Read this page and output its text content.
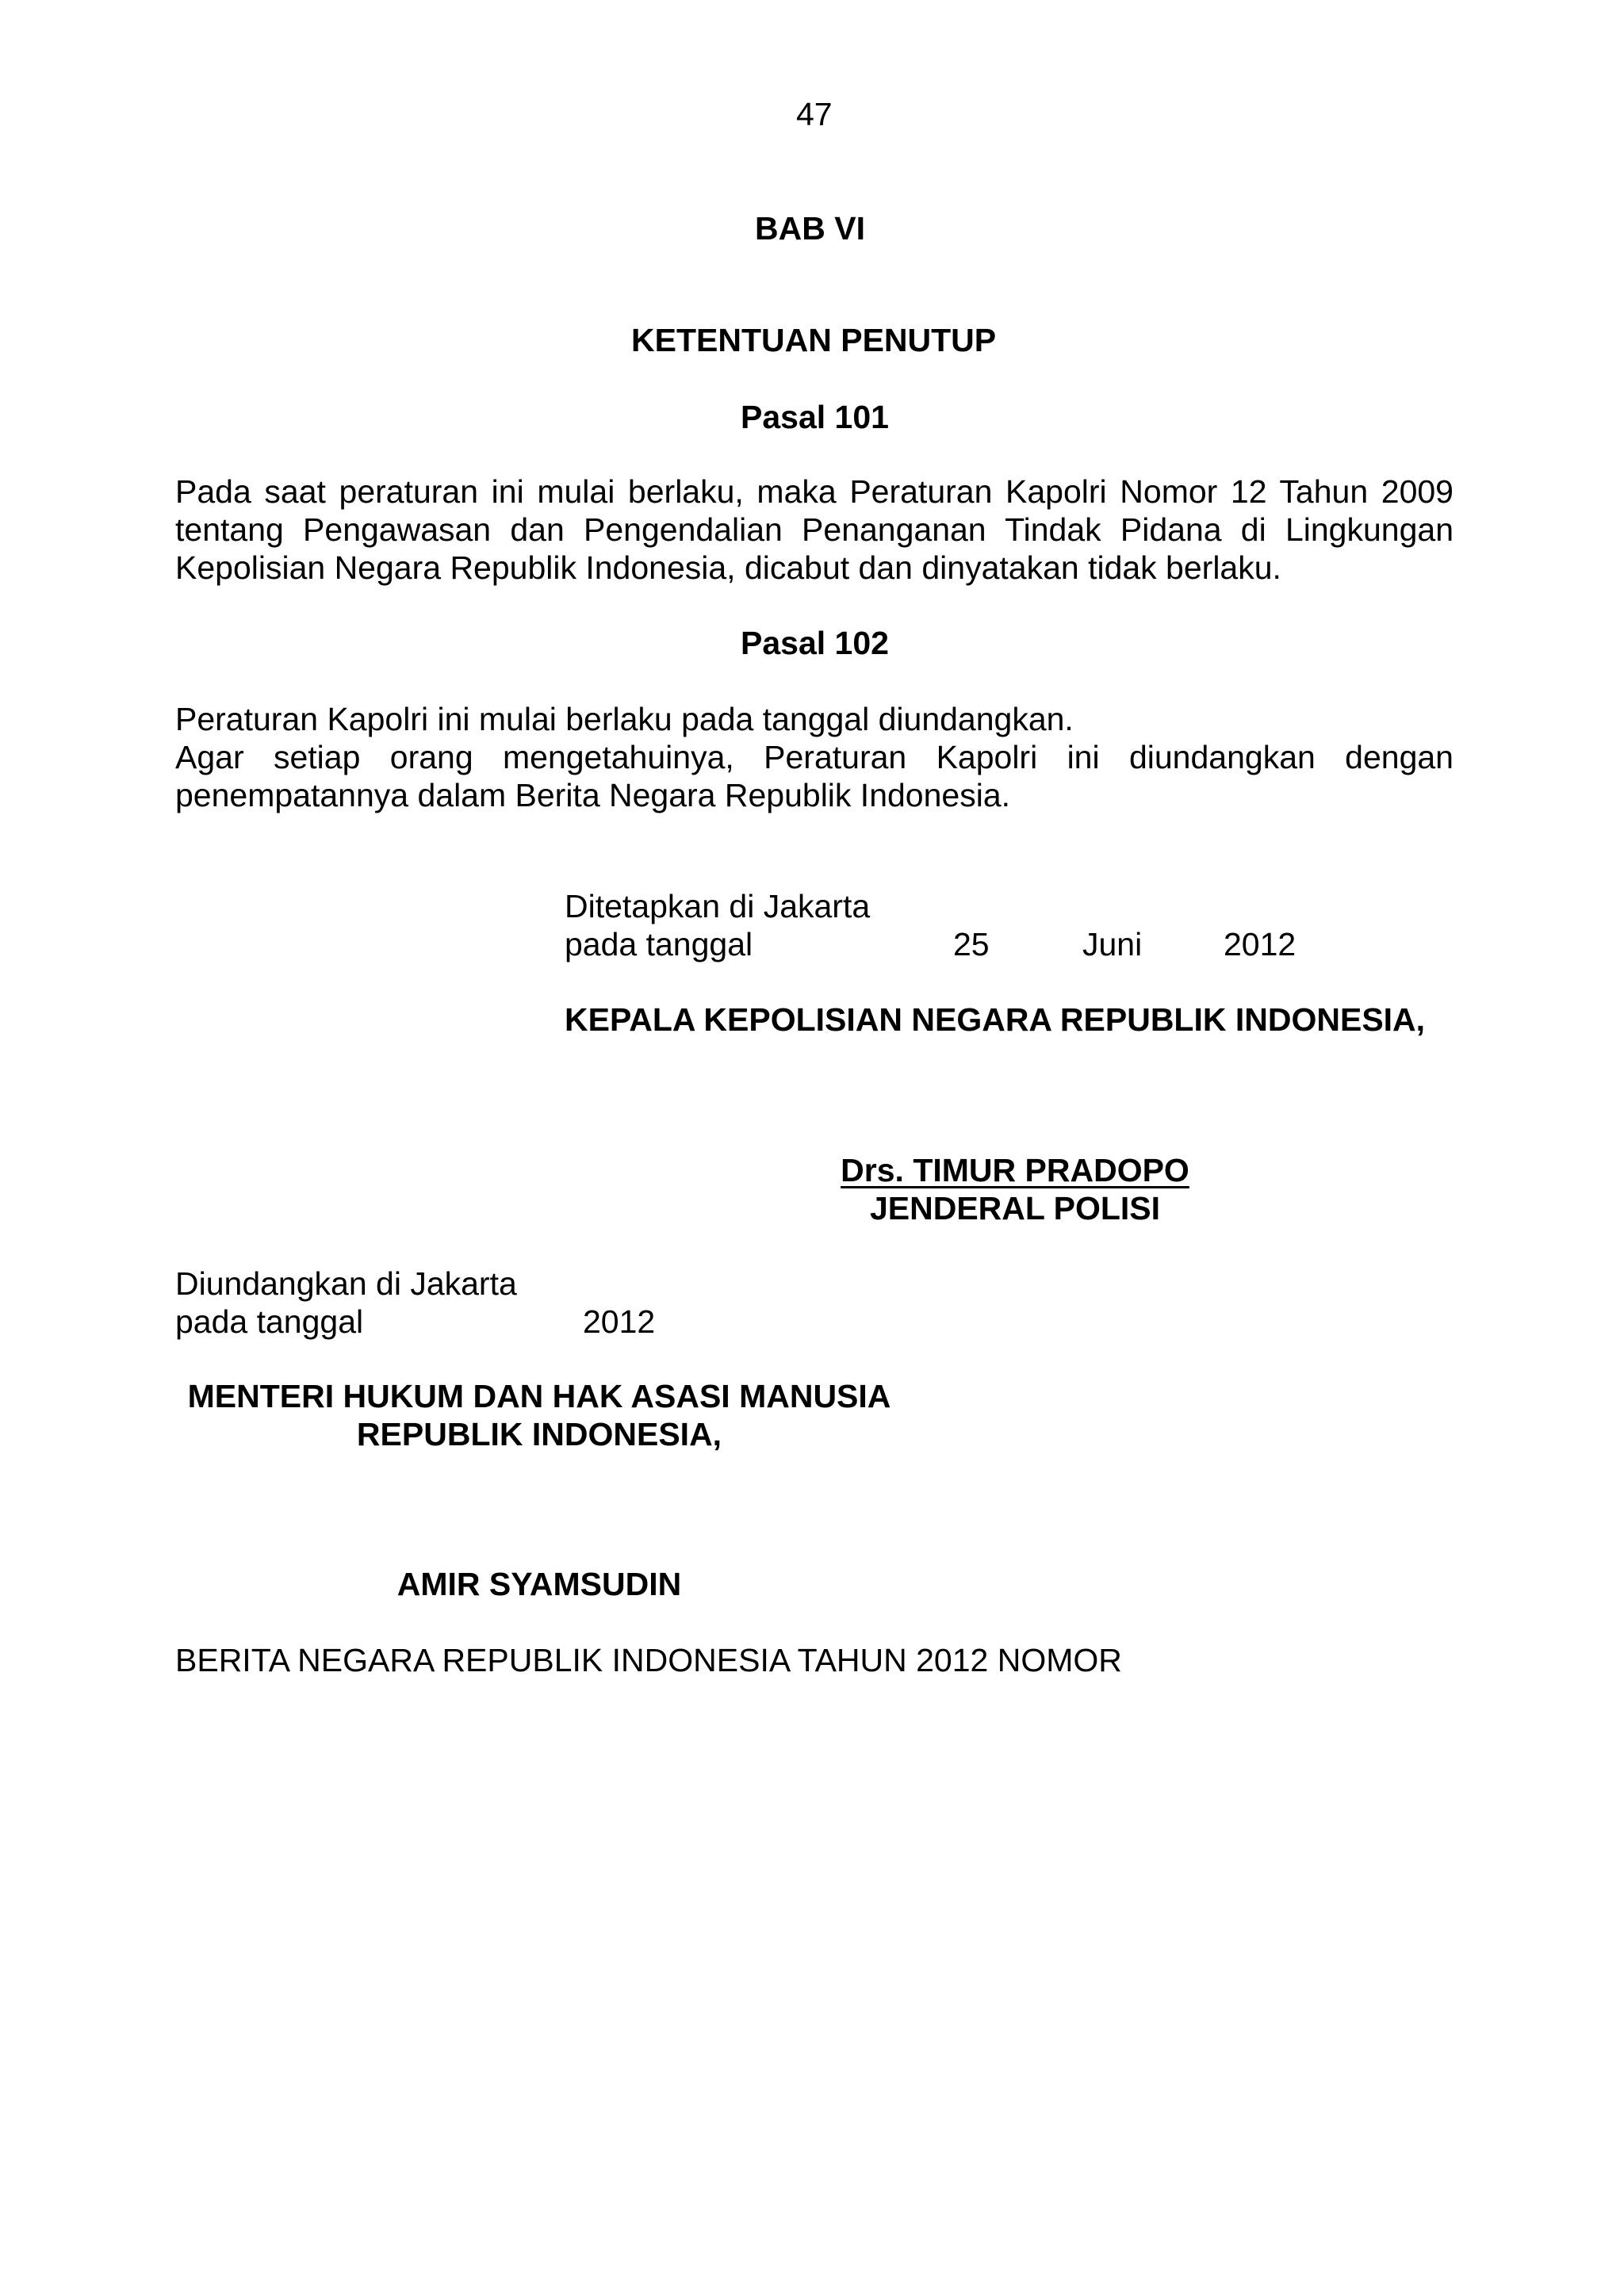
47
BAB VI
KETENTUAN PENUTUP
Pasal 101
Pada saat peraturan ini mulai berlaku, maka Peraturan Kapolri Nomor 12 Tahun 2009
tentang Pengawasan dan Pengendalian Penanganan Tindak Pidana di Lingkungan
Kepolisian Negara Republik Indonesia, dicabut dan dinyatakan tidak berlaku.
Pasal 102
Peraturan Kapolri ini mulai berlaku pada tanggal diundangkan.
Agar setiap orang mengetahuinya, Peraturan Kapolri ini diundangkan dengan
penempatannya dalam Berita Negara Republik Indonesia.
Ditetapkan di Jakarta
pada tanggal	25	Juni	2012
KEPALA KEPOLISIAN NEGARA REPUBLIK INDONESIA,
Drs. TIMUR PRADOPO
JENDERAL POLISI
Diundangkan di Jakarta
pada tanggal	2012
MENTERI HUKUM DAN HAK ASASI MANUSIA
REPUBLIK INDONESIA,
AMIR SYAMSUDIN
BERITA NEGARA REPUBLIK INDONESIA TAHUN 2012 NOMOR
